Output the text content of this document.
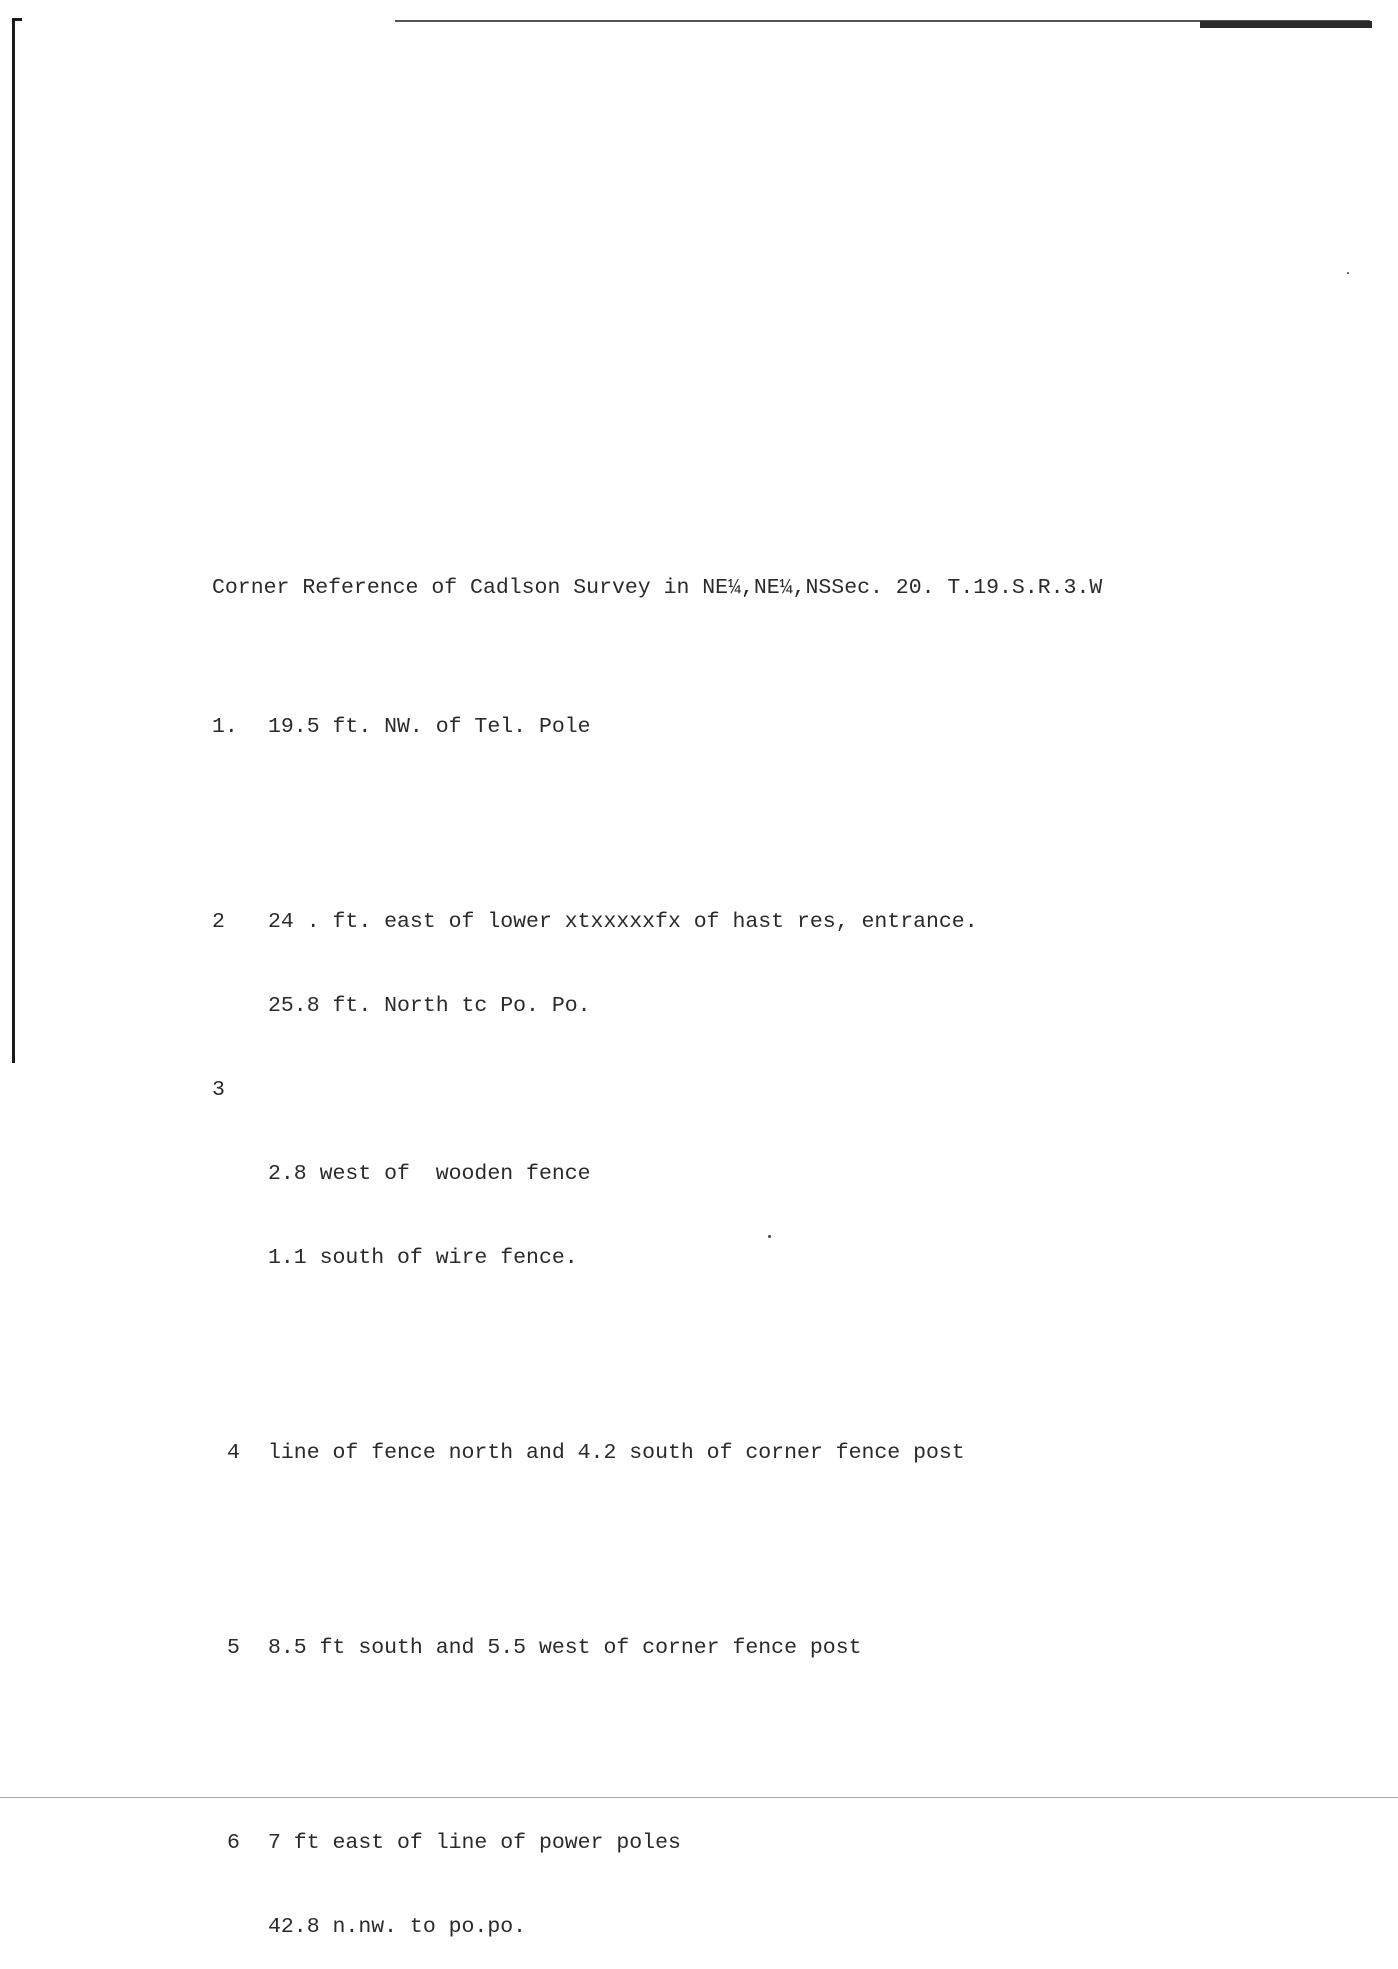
Corner Reference of Cadlson Survey in NE¼,NE¼,NSSec. 20. T.19.S.R.3.W

1. 19.5 ft. NW. of Tel. Pole

2 24 . ft. east of lower xtxxxxxfx of hast res, entrance.

25.8 ft. North tc Po. Po.

3

2.8 west of  wooden fence

1.1 south of wire fence.

4 line of fence north and 4.2 south of corner fence post

5 8.5 ft south and 5.5 west of corner fence post

6 7 ft east of line of power poles

42.8 n.nw. to po.po.
